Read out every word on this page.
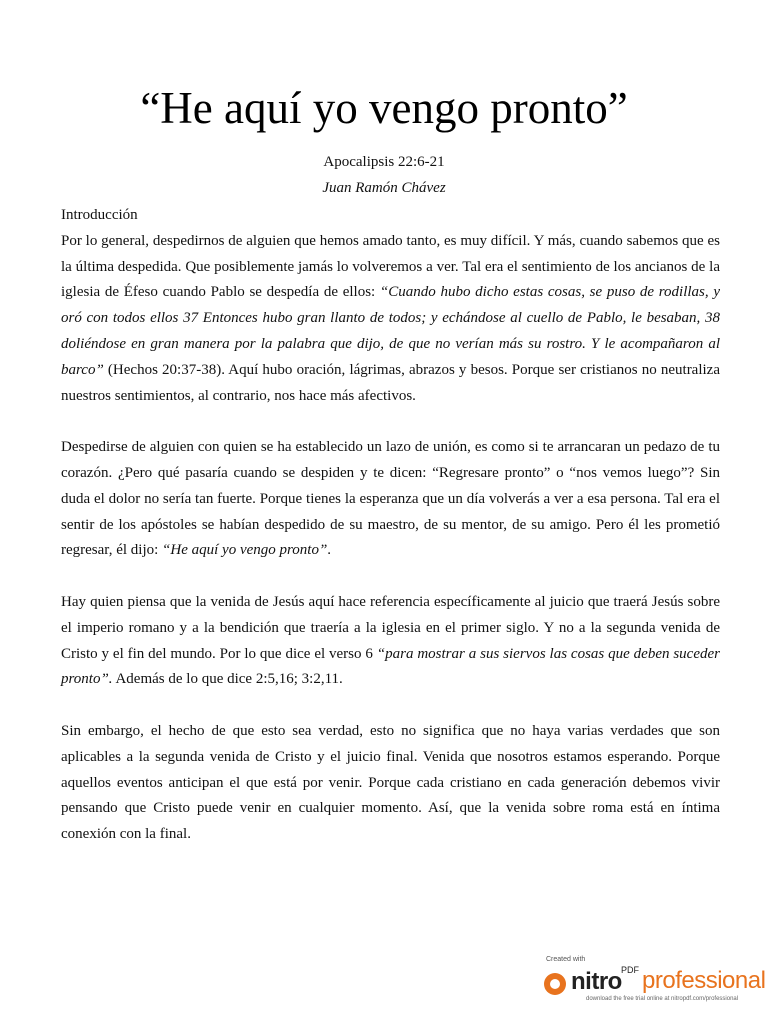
“He aquí yo vengo pronto”
Apocalipsis 22:6-21
Juan Ramón Chávez

Introducción

Por lo general, despedirnos de alguien que hemos amado tanto, es muy difícil. Y más, cuando sabemos que es la última despedida. Que posiblemente jamás lo volveremos a ver. Tal era el sentimiento de los ancianos de la iglesia de Éfeso cuando Pablo se despedía de ellos: “Cuando hubo dicho estas cosas, se puso de rodillas, y oró con todos ellos 37 Entonces hubo gran llanto de todos; y echándose al cuello de Pablo, le besaban, 38 doliéndose en gran manera por la palabra que dijo, de que no verían más su rostro. Y le acompañaron al barco” (Hechos 20:37-38). Aquí hubo oración, lágrimas, abrazos y besos. Porque ser cristianos no neutraliza nuestros sentimientos, al contrario, nos hace más afectivos.

Despedirse de alguien con quien se ha establecido un lazo de unión, es como si te arrancaran un pedazo de tu corazón. ¿Pero qué pasaría cuando se despiden y te dicen: “Regresare pronto” o “nos vemos luego”? Sin duda el dolor no sería tan fuerte. Porque tienes la esperanza que un día volverás a ver a esa persona. Tal era el sentir de los apóstoles se habían despedido de su maestro, de su mentor, de su amigo. Pero él les prometió regresar, él dijo: “He aquí yo vengo pronto”.

Hay quien piensa que la venida de Jesús aquí hace referencia específicamente al juicio que traerá Jesús sobre el imperio romano y a la bendición que traería a la iglesia en el primer siglo. Y no a la segunda venida de Cristo y el fin del mundo. Por lo que dice el verso 6 “para mostrar a sus siervos las cosas que deben suceder pronto”. Además de lo que dice 2:5,16; 3:2,11.

Sin embargo, el hecho de que esto sea verdad, esto no significa que no haya varias verdades que son aplicables a la segunda venida de Cristo y el juicio final. Venida que nosotros estamos esperando. Porque aquellos eventos anticipan el que está por venir. Porque cada cristiano en cada generación debemos vivir pensando que Cristo puede venir en cualquier momento. Así, que la venida sobre roma está en íntima conexión con la final.

Created with
nitro PDF professional
download the free trial online at nitropdf.com/professional
